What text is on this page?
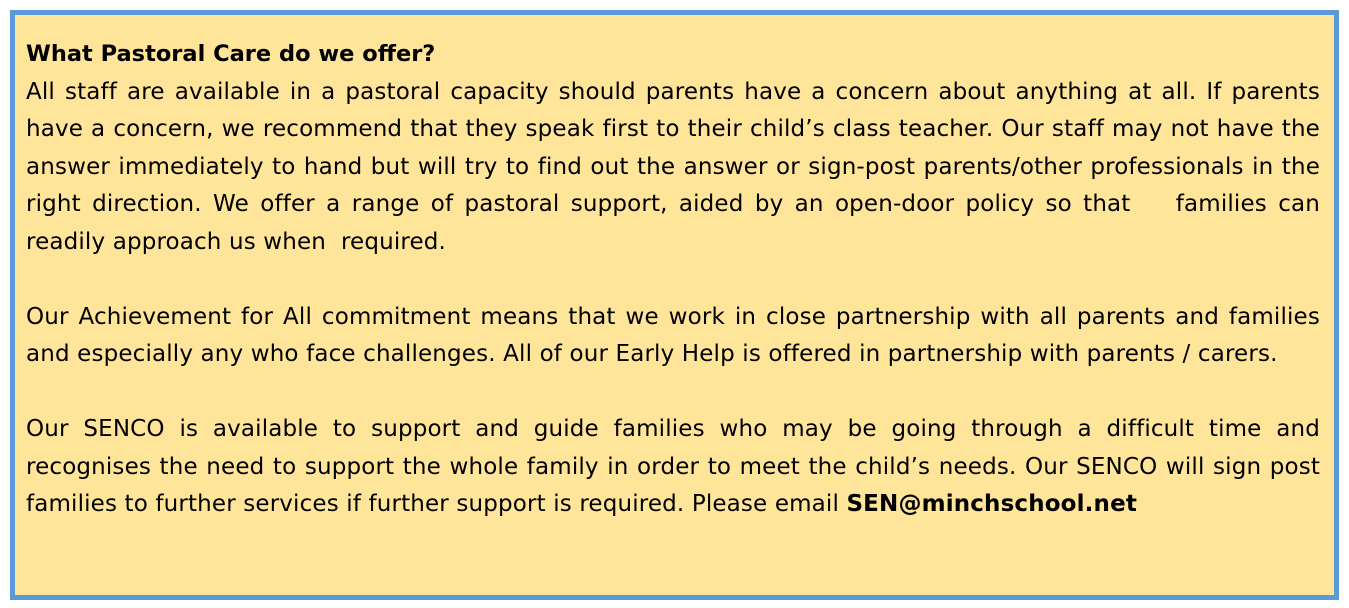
What Pastoral Care do we offer?

All staff are available in a pastoral capacity should parents have a concern about anything at all. If parents have a concern, we recommend that they speak first to their child’s class teacher. Our staff may not have the answer immediately to hand but will try to find out the answer or sign-post parents/other professionals in the right direction. We offer a range of pastoral support, aided by an open-door policy so that    families can readily approach us when  required.

Our Achievement for All commitment means that we work in close partnership with all parents and families and especially any who face challenges. All of our Early Help is offered in partnership with parents / carers.

Our SENCO is available to support and guide families who may be going through a difficult time and recognises the need to support the whole family in order to meet the child’s needs. Our SENCO will sign post families to further services if further support is required. Please email SEN@minchschool.net
